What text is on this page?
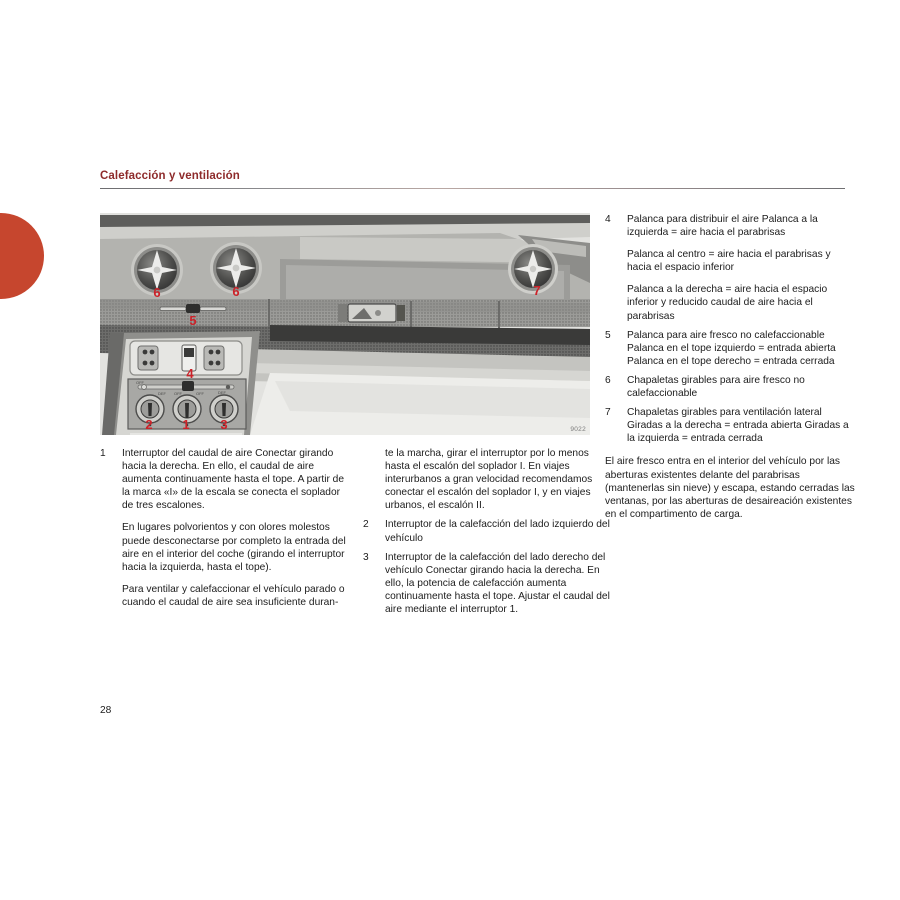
Calefacción y ventilación
OFF
DEF OFF	OFF	DEF
6	6	7
5
4
2 1 3	9022
1	Interruptor del caudal de aire Conectar girando hacia la derecha. En ello, el caudal de aire aumenta continuamente hasta el tope. A partir de la marca «I» de la escala se conecta el soplador de tres escalones.

En lugares polvorientos y con olores molestos puede desconectarse por completo la entrada del aire en el interior del coche (girando el interruptor hacia la izquierda, hasta el tope).

Para ventilar y calefaccionar el vehículo parado o cuando el caudal de aire sea insuficiente duran-

te la marcha, girar el interruptor por lo menos hasta el escalón del soplador I. En viajes interurbanos a gran velocidad recomendamos conectar el escalón del soplador I, y en viajes urbanos, el escalón II.

2	Interruptor de la calefacción del lado izquierdo del vehículo

3	Interruptor de la calefacción del lado derecho del vehículo Conectar girando hacia la derecha. En ello, la potencia de calefacción aumenta continuamente hasta el tope. Ajustar el caudal del aire mediante el interruptor 1.

4	Palanca para distribuir el aire Palanca a la izquierda = aire hacia el parabrisas

Palanca al centro = aire hacia el parabrisas y hacia el espacio inferior

Palanca a la derecha = aire hacia el espacio inferior y reducido caudal de aire hacia el parabrisas

5	Palanca para aire fresco no calefaccionable Palanca en el tope izquierdo = entrada abierta Palanca en el tope derecho = entrada cerrada

6	Chapaletas girables para aire fresco no calefaccionable

7	Chapaletas girables para ventilación lateral Giradas a la derecha = entrada abierta Giradas a la izquierda = entrada cerrada

El aire fresco entra en el interior del vehículo por las aberturas existentes delante del parabrisas (mantenerlas sin nieve) y escapa, estando cerradas las ventanas, por las aberturas de desaireación existentes en el compartimento de carga.

28
